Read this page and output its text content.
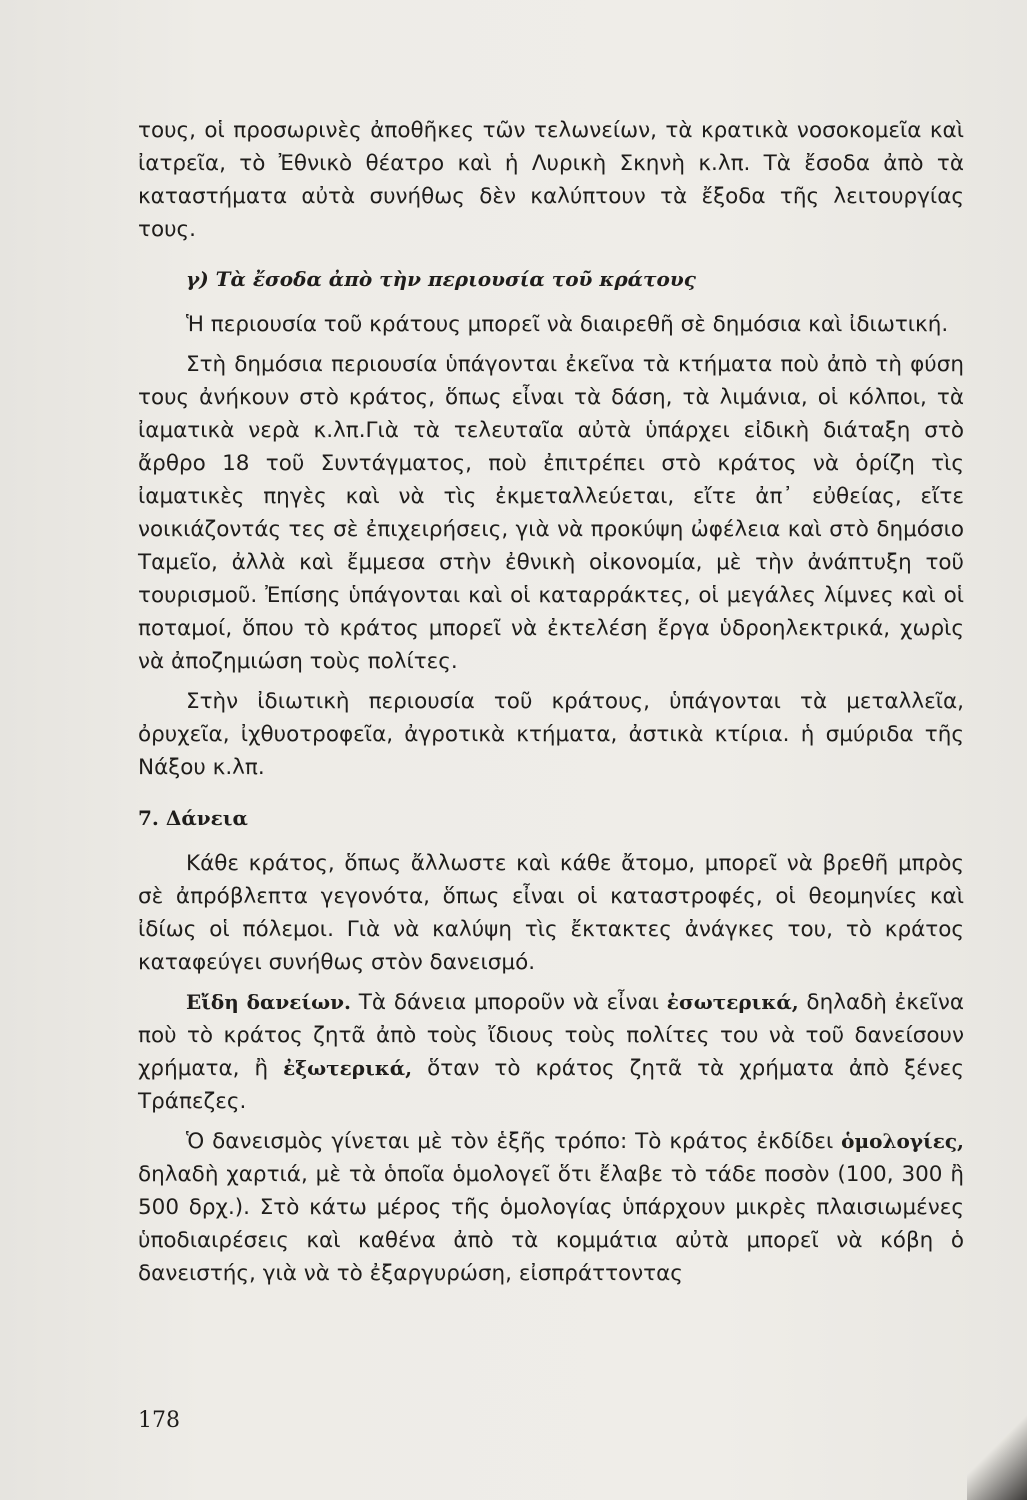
τους, οἱ προσωρινὲς ἀποθῆκες τῶν τελωνείων, τὰ κρατικὰ νοσοκομεῖα καὶ ἰατρεῖα, τὸ Ἐθνικὸ θέατρο καὶ ἡ Λυρικὴ Σκηνὴ κ.λπ. Τὰ ἔσοδα ἀπὸ τὰ καταστήματα αὐτὰ συνήθως δὲν καλύπτουν τὰ ἔξοδα τῆς λειτουργίας τους.

γ) Τὰ ἔσοδα ἀπὸ τὴν περιουσία τοῦ κράτους

Ἡ περιουσία τοῦ κράτους μπορεῖ νὰ διαιρεθῆ σὲ δημόσια καὶ ἰδιωτική.

Στὴ δημόσια περιουσία ὑπάγονται ἐκεῖνα τὰ κτήματα ποὺ ἀπὸ τὴ φύση τους ἀνήκουν στὸ κράτος, ὅπως εἶναι τὰ δάση, τὰ λιμάνια, οἱ κόλποι, τὰ ἰαματικὰ νερὰ κ.λπ.Γιὰ τὰ τελευταῖα αὐτὰ ὑπάρχει εἰδικὴ διάταξη στὸ ἄρθρο 18 τοῦ Συντάγματος, ποὺ ἐπιτρέπει στὸ κράτος νὰ ὁρίζη τὶς ἰαματικὲς πηγὲς καὶ νὰ τὶς ἐκμεταλλεύεται, εἴτε ἀπ᾿ εὐθείας, εἴτε νοικιάζοντάς τες σὲ ἐπιχειρήσεις, γιὰ νὰ προκύψη ὠφέλεια καὶ στὸ δημόσιο Ταμεῖο, ἀλλὰ καὶ ἔμμεσα στὴν ἐθνικὴ οἰκονομία, μὲ τὴν ἀνάπτυξη τοῦ τουρισμοῦ. Ἐπίσης ὑπάγονται καὶ οἱ καταρράκτες, οἱ μεγάλες λίμνες καὶ οἱ ποταμοί, ὅπου τὸ κράτος μπορεῖ νὰ ἐκτελέση ἔργα ὑδροηλεκτρικά, χωρὶς νὰ ἀποζημιώση τοὺς πολίτες.

Στὴν ἰδιωτικὴ περιουσία τοῦ κράτους, ὑπάγονται τὰ μεταλλεῖα, ὀρυχεῖα, ἰχθυοτροφεῖα, ἀγροτικὰ κτήματα, ἀστικὰ κτίρια. ἡ σμύριδα τῆς Νάξου κ.λπ.

7. Δάνεια

Κάθε κράτος, ὅπως ἄλλωστε καὶ κάθε ἄτομο, μπορεῖ νὰ βρεθῆ μπρὸς σὲ ἀπρόβλεπτα γεγονότα, ὅπως εἶναι οἱ καταστροφές, οἱ θεομηνίες καὶ ἰδίως οἱ πόλεμοι. Γιὰ νὰ καλύψη τὶς ἔκτακτες ἀνάγκες του, τὸ κράτος καταφεύγει συνήθως στὸν δανεισμό.

Εἴδη δανείων. Τὰ δάνεια μποροῦν νὰ εἶναι ἐσωτερικά, δηλαδὴ ἐκεῖνα ποὺ τὸ κράτος ζητᾶ ἀπὸ τοὺς ἴδιους τοὺς πολίτες του νὰ τοῦ δανείσουν χρήματα, ἢ ἐξωτερικά, ὅταν τὸ κράτος ζητᾶ τὰ χρήματα ἀπὸ ξένες Τράπεζες.

Ὁ δανεισμὸς γίνεται μὲ τὸν ἑξῆς τρόπο: Τὸ κράτος ἐκδίδει ὁμολογίες, δηλαδὴ χαρτιά, μὲ τὰ ὁποῖα ὁμολογεῖ ὅτι ἔλαβε τὸ τάδε ποσὸν (100, 300 ἢ 500 δρχ.). Στὸ κάτω μέρος τῆς ὁμολογίας ὑπάρχουν μικρὲς πλαισιωμένες ὑποδιαιρέσεις καὶ καθένα ἀπὸ τὰ κομμάτια αὐτὰ μπορεῖ νὰ κόβη ὁ δανειστής, γιὰ νὰ τὸ ἐξαργυρώση, εἰσπράττοντας

178
